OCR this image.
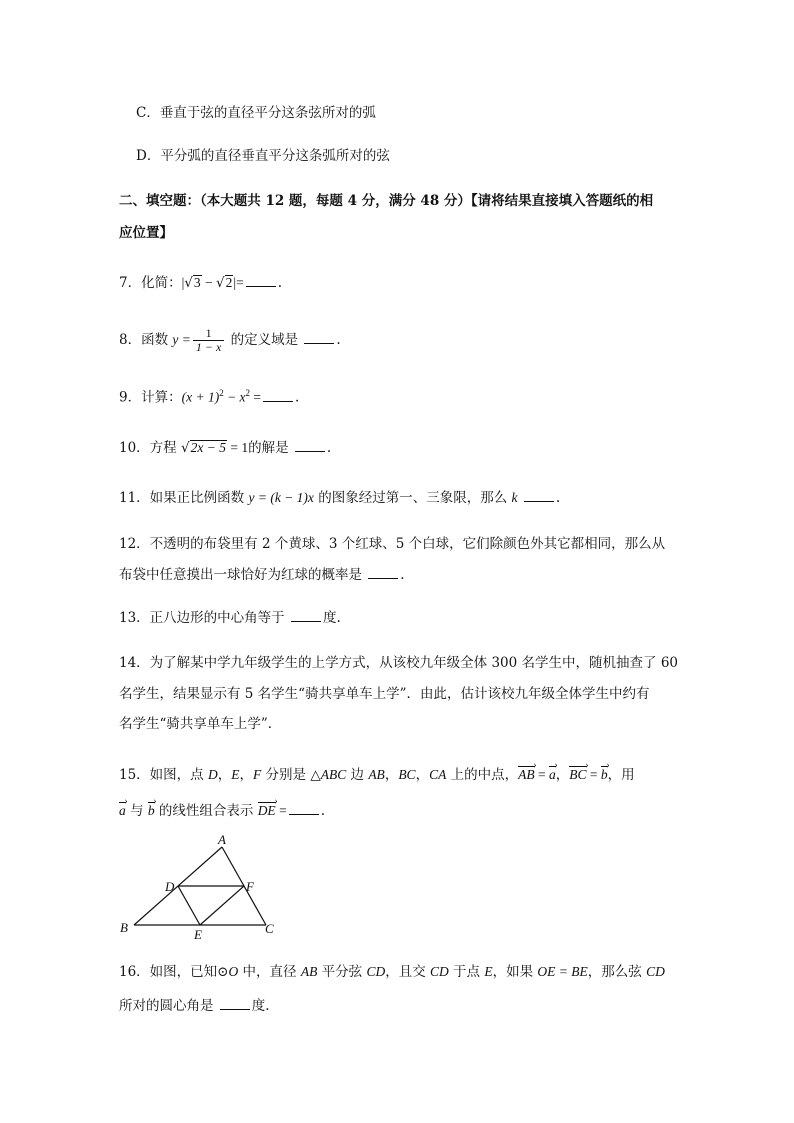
C．垂直于弦的直径平分这条弦所对的弧
D．平分弧的直径垂直平分这条弧所对的弦
二、填空题：（本大题共 12 题，每题 4 分，满分 48 分）【请将结果直接填入答题纸的相
应位置】
7．化简：|√3 − √2|=	.
8．函数 $y = \frac{1}{1 - x}$ 的定义域是	.
9．计算：$(x + 1)^2 - x^2$ =	.
10．方程 √2x − 5 = 1的解是	.
11．如果正比例函数 y = (k − 1)x 的图象经过第一、三象限，那么 k	.
12．不透明的布袋里有 2 个黄球、3 个红球、5 个白球，它们除颜色外其它都相同，那么从
布袋中任意摸出一球恰好为红球的概率是	.
13．正八边形的中心角等于	度.
14．为了解某中学九年级学生的上学方式，从该校九年级全体 300 名学生中，随机抽查了 60
名学生，结果显示有 5 名学生“骑共享单车上学”．由此，估计该校九年级全体学生中约有
名学生“骑共享单车上学”．
15．如图，点 D，E，F 分别是 △ABC 边 AB，BC，CA 上的中点，AB › = a ›，BC › = b ›，用
a › 与 b › 的线性组合表示 DE › =	.
A
B	C
D
E
F
16．如图，已知⊙O 中，直径 AB 平分弦 CD，且交 CD 于点 E，如果 OE = BE，那么弦 CD
所对的圆心角是	度.
